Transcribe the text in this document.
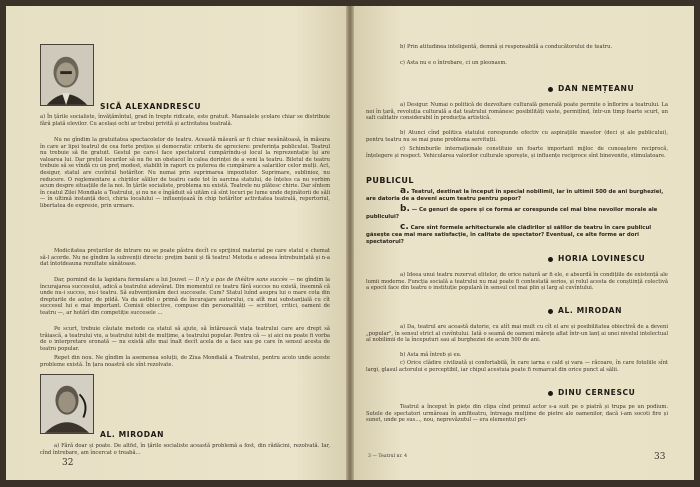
SICĂ ALEXANDRESCU
a) În țările socialiste, învățămîntul, grad în trepte ridicate, este gratuit. Manualele școlare chiar se distribuie fără plată elevilor. Cu același ochi ar trebui privită și activitatea teatrală.
Nu ne gîndim la gratuitatea spectacolelor de teatru. Această măsură ar fi chiar nesănătoasă, în măsura în care ar lipsi teatrul de cea forte prețios și democratic criteriu de apreciere: preferința publicului. Teatrul nu trebuie să fie gratuit. Gestul pe care-l face spectatorul cumpărîndu-și locul la reprezentație își are valoarea lui. Dar prețul locurilor să nu fie un obstacol în calea dorinței de a veni la teatru. Biletul de teatru trebuie să se vîndă cu un preț modest, stabilit în raport cu puterea de cumpărare a salariilor celor mulți. Act, desigur, statul are cuvîntul hotărîtor. Nu numai prin suprimarea impozitelor. Suprimare, subliniez, nu reducere. O reglementare a chiriilor sălilor de teatru cade tot în sarcina statului, de înțeles ca nu vorbim acum despre situațiile de la noi. În țările socialiste, problema nu există. Teatrele nu plătesc chirie. Dar sîntem în ceatul Zilei Mondiale a Teatrului, și nu ne e îngăduit să uităm că sînt locuri pe lume unde dejinătorii de săli — în ultimă instanță deci, chiria localului — influențează în chip hotărîtor activitatea teatrală, repertoriul, libertatea de expresie, prin urmare.
Modicitatea prețurilor de intrare nu se poate păstra decît cu sprijinul material pe care statul e chemat să-l acorde. Nu ne gîndim la subvenții directe: prețim banii și fă teatru! Metoda e adesea întrebuințată și n-a dat întotdeauna rezultate sănătoase.
Dar, pornind de la lapidara formulare a lui Jouvet — Il n'y a pas de théâtre sans succès — ne gîndim la încurajarea succesului, adică a teatrului adevărat. Din momentul ce teatru fără succes nu există, însemnă că unde nu-i succes, nu-i teatru. Să subvenționăm deci succesele. Cum? Statul luînd asupra lui o mare cota din drepturile de autor, de pildă. Va da astfel o primă de încurajare autorului, cu atît mai substanțială cu cît succesul lui e mai important. Comisii obiective, compuse din personalități — scriitori, critici, oameni de teatru —, ar hotărî din competiție succesele ...
Pe scurt, trebuie căutate metode ca statul să ajute, să întărească viața teatrului care are drept să trăiască, a teatrului viu, a teatrului iubit de mulțime, a teatrului popular. Pentru că — și aici nu poate fi vorba de o interpretare eronată — nu există alte mai înalt decît acela de a face sau pe care în sensul acesta de teatru popular.
Repet din nou. Ne gîndim la asemenea soluții, de Ziua Mondială a Teatrului, pentru acolo unde aceste probleme există. În țara noastră ele sînt rezolvate.
AL. MIRODAN
a) Fără doar și poate. De altfel, în țările socialiste această problemă a fost, din rădăcini, rezolvată. Iar, cînd întrebare, am încercat o treabă...
32
b) Prin atitudinea inteligentă, demnă și responsabilă a conducătorului de teatru.
c) Asta nu e o întrebare, ci un pleonasm.
DAN NEMȚEANU
a) Desigur. Numai o politică de dezvoltare culturală generală poate permite o înflorire a teatrului. La noi în țară, revoluția culturală a dat teatrului românesc posibilități vaste, permițînd, într-un timp foarte scurt, un salt calitativ considerabil în producția artistică.
b) Atunci cînd politica statului corespunde efectiv cu aspirațiile maselor (deci și ale publicului), pentru teatru nu se mai pune problema servituții.
c) Schimburile internaționale constituie un foarte important mijloc de cunoaștere reciprocă, înțelegere și respect. Vehicularea valorilor culturale sporește, și influențe reciproce sînt binevenite, stimulatoare.
PUBLICUL
a. Teatrul, destinat la început în special nobilimii, iar în ultimii 500 de ani burgheziei, are datoria de a deveni acum teatru pentru popor?
b. — Ce genuri de opere și ce formă ar corespunde cel mai bine nevoilor morale ale publicului?
c. Care sînt formele arhitecturale ale clădirilor și sălilor de teatru în care publicul găsește cea mai mare satisfacție, în calitate de spectator? Eventual, ce alte forme ar dori spectatorul?
HORIA LOVINESCU
a) Ideea unui teatru rezervat elitelor, de orice natură ar fi ele, e absurdă în condițiile de existență ale lumii moderne. Funcția socială a teatrului nu mai poate fi contestată serios, și rolul acesta de conștiință colectivă a epocii face din teatru o instituție populară în sensul cel mai plin și larg al cuvîntului.
AL. MIRODAN
a) Da, teatrul are această datorie, cu atît mai mult cu cît el are și posibilitatea obiectivă de a deveni „popular", în sensul strict al cuvîntului. Iată o seamă de oameni mărețe aflat într-un lanț ai unei nivelul intelectual al nobilimii de la începuturi sau al burgheziei de acum 500 de ani.
b) Asta mă întreb și eu.
c) Orice clădire civilizată și confortabilă, în care iarna e cald și vara — răcoare, în care fotoliile sînt largi, glasul actorului e perceptibil, iar chipul acestuia poate fi remarcat din orice punct al sălii.
DINU CERNESCU
Teatrul a început în piețe din clipa cînd primul actor s-a suit pe o piatră și trupa pe un podium. Sutele de spectatori urmăreau în amfiteatru, întreaga mulțime de pietre ale oamenilor, dacă i-am socoti fire și sunet, unde pe sus..., nou, neprevăzutul — era elementul pri-
3 — Teatrul nr. 4	33
